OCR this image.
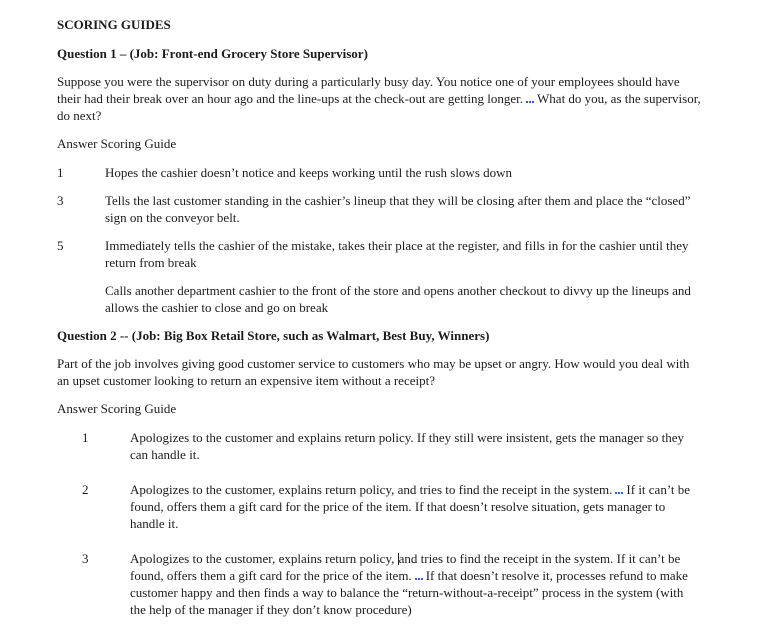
SCORING GUIDES

Question 1 – (Job: Front-end Grocery Store Supervisor)

Suppose you were the supervisor on duty during a particularly busy day. You notice one of your employees should have their had their break over an hour ago and the line-ups at the check-out are getting longer. What do you, as the supervisor, do next?

Answer Scoring Guide

1	Hopes the cashier doesn’t notice and keeps working until the rush slows down

3	Tells the last customer standing in the cashier’s lineup that they will be closing after them and place the “closed” sign on the conveyor belt.

5	Immediately tells the cashier of the mistake, takes their place at the register, and fills in for the cashier until they return from break

Calls another department cashier to the front of the store and opens another checkout to divvy up the lineups and allows the cashier to close and go on break

Question 2 -- (Job: Big Box Retail Store, such as Walmart, Best Buy, Winners)

Part of the job involves giving good customer service to customers who may be upset or angry. How would you deal with an upset customer looking to return an expensive item without a receipt?

Answer Scoring Guide

1	Apologizes to the customer and explains return policy. If they still were insistent, gets the manager so they can handle it.

2	Apologizes to the customer, explains return policy, and tries to find the receipt in the system. If it can’t be found, offers them a gift card for the price of the item. If that doesn’t resolve situation, gets manager to handle it.

3	Apologizes to the customer, explains return policy, and tries to find the receipt in the system. If it can’t be found, offers them a gift card for the price of the item. If that doesn’t resolve it, processes refund to make customer happy and then finds a way to balance the “return-without-a-receipt” process in the system (with the help of the manager if they don’t know procedure)
